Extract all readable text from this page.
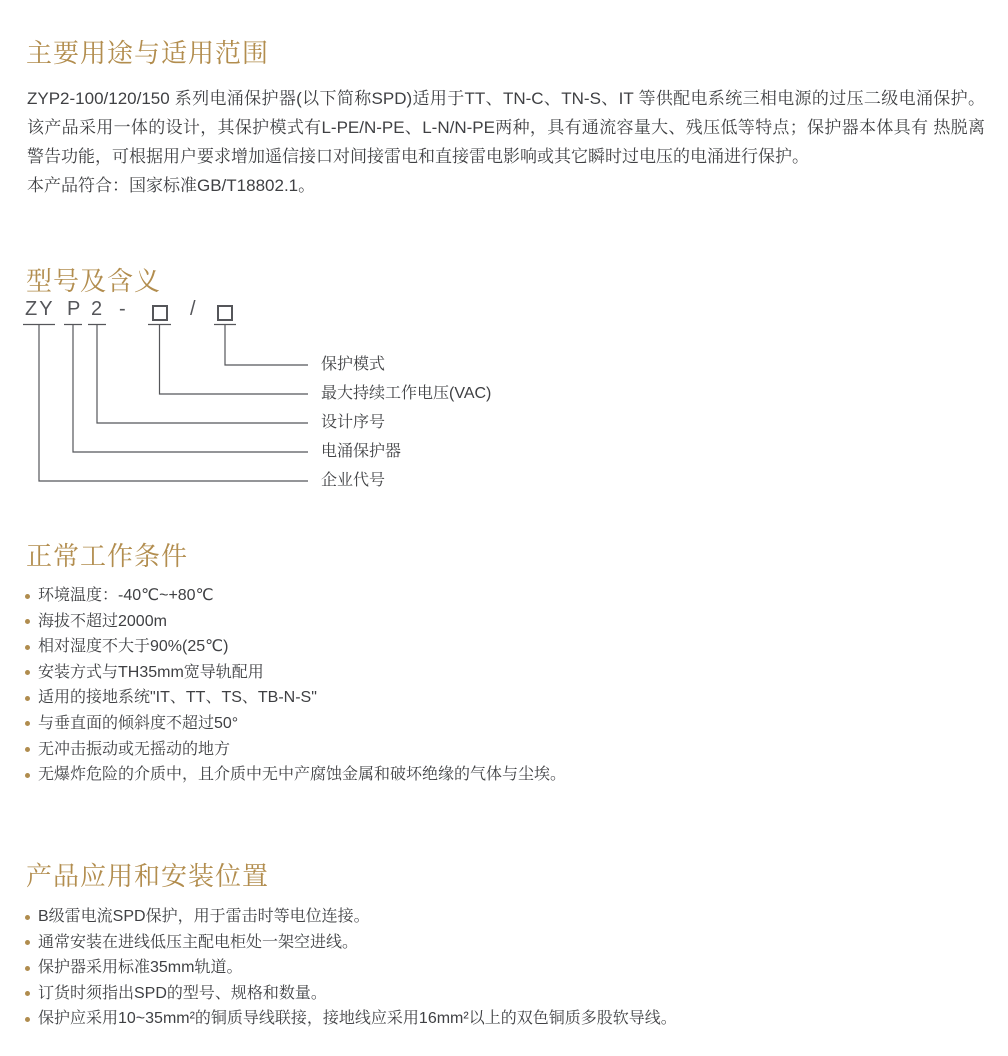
主要用途与适用范围

ZYP2-100/120/150 系列电涌保护器(以下简称SPD)适用于TT、TN-C、TN-S、IT 等供配电系统三相电源的过压二级电涌保护。该产品采用一体的设计，其保护模式有L-PE/N-PE、L-N/N-PE两种，具有通流容量大、残压低等特点；保护器本体具有 热脱离警告功能，可根据用户要求增加遥信接口对间接雷电和直接雷电影响或其它瞬时过电压的电涌进行保护。

本产品符合：国家标准GB/T18802.1。

型号及含义
ZY P 2 -	/
保护模式
最大持续工作电压(VAC)
设计序号
电涌保护器
企业代号
正常工作条件
环境温度：-40℃~+80℃
海拔不超过2000m
相对湿度不大于90%(25℃)
安装方式与TH35mm宽导轨配用
适用的接地系统"IT、TT、TS、TB-N-S"
与垂直面的倾斜度不超过50°
无冲击振动或无摇动的地方
无爆炸危险的介质中，且介质中无中产腐蚀金属和破坏绝缘的气体与尘埃。
产品应用和安装位置
B级雷电流SPD保护，用于雷击时等电位连接。
通常安装在进线低压主配电柜处一架空进线。
保护器采用标准35mm轨道。
订货时须指出SPD的型号、规格和数量。
保护应采用10~35mm²的铜质导线联接，接地线应采用16mm²以上的双色铜质多股软导线。
